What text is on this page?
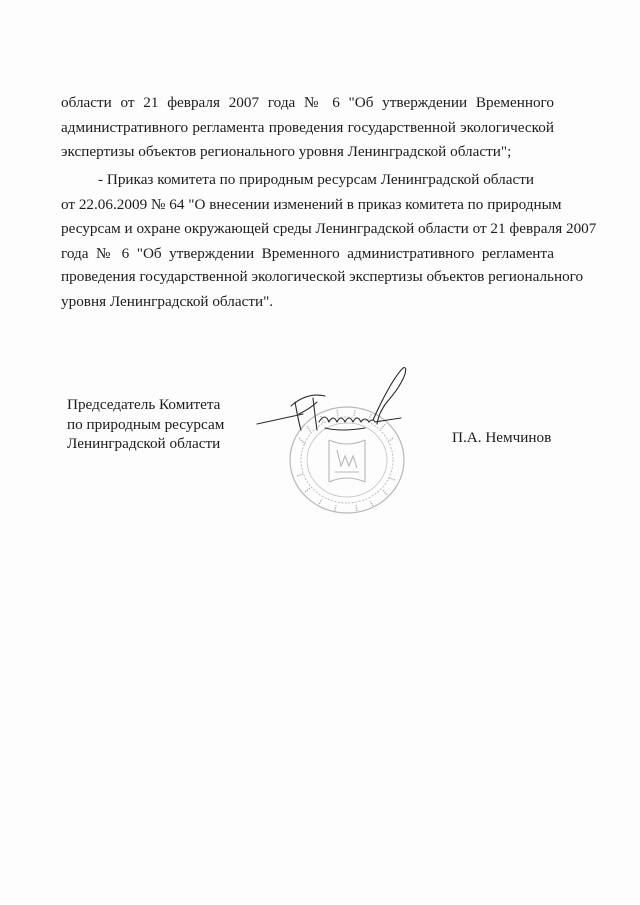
области от 21 февраля 2007 года № 6 "Об утверждении Временного
административного регламента проведения государственной экологической
экспертизы объектов регионального уровня Ленинградской области";
- Приказ комитета по природным ресурсам Ленинградской области
от 22.06.2009 № 64 "О внесении изменений в приказ комитета по природным
ресурсам и охране окружающей среды Ленинградской области от 21 февраля 2007
года № 6 "Об утверждении Временного административного регламента
проведения государственной экологической экспертизы объектов регионального
уровня Ленинградской области".
Председатель Комитета
по природным ресурсам
Ленинградской области	П.А. Немчинов
